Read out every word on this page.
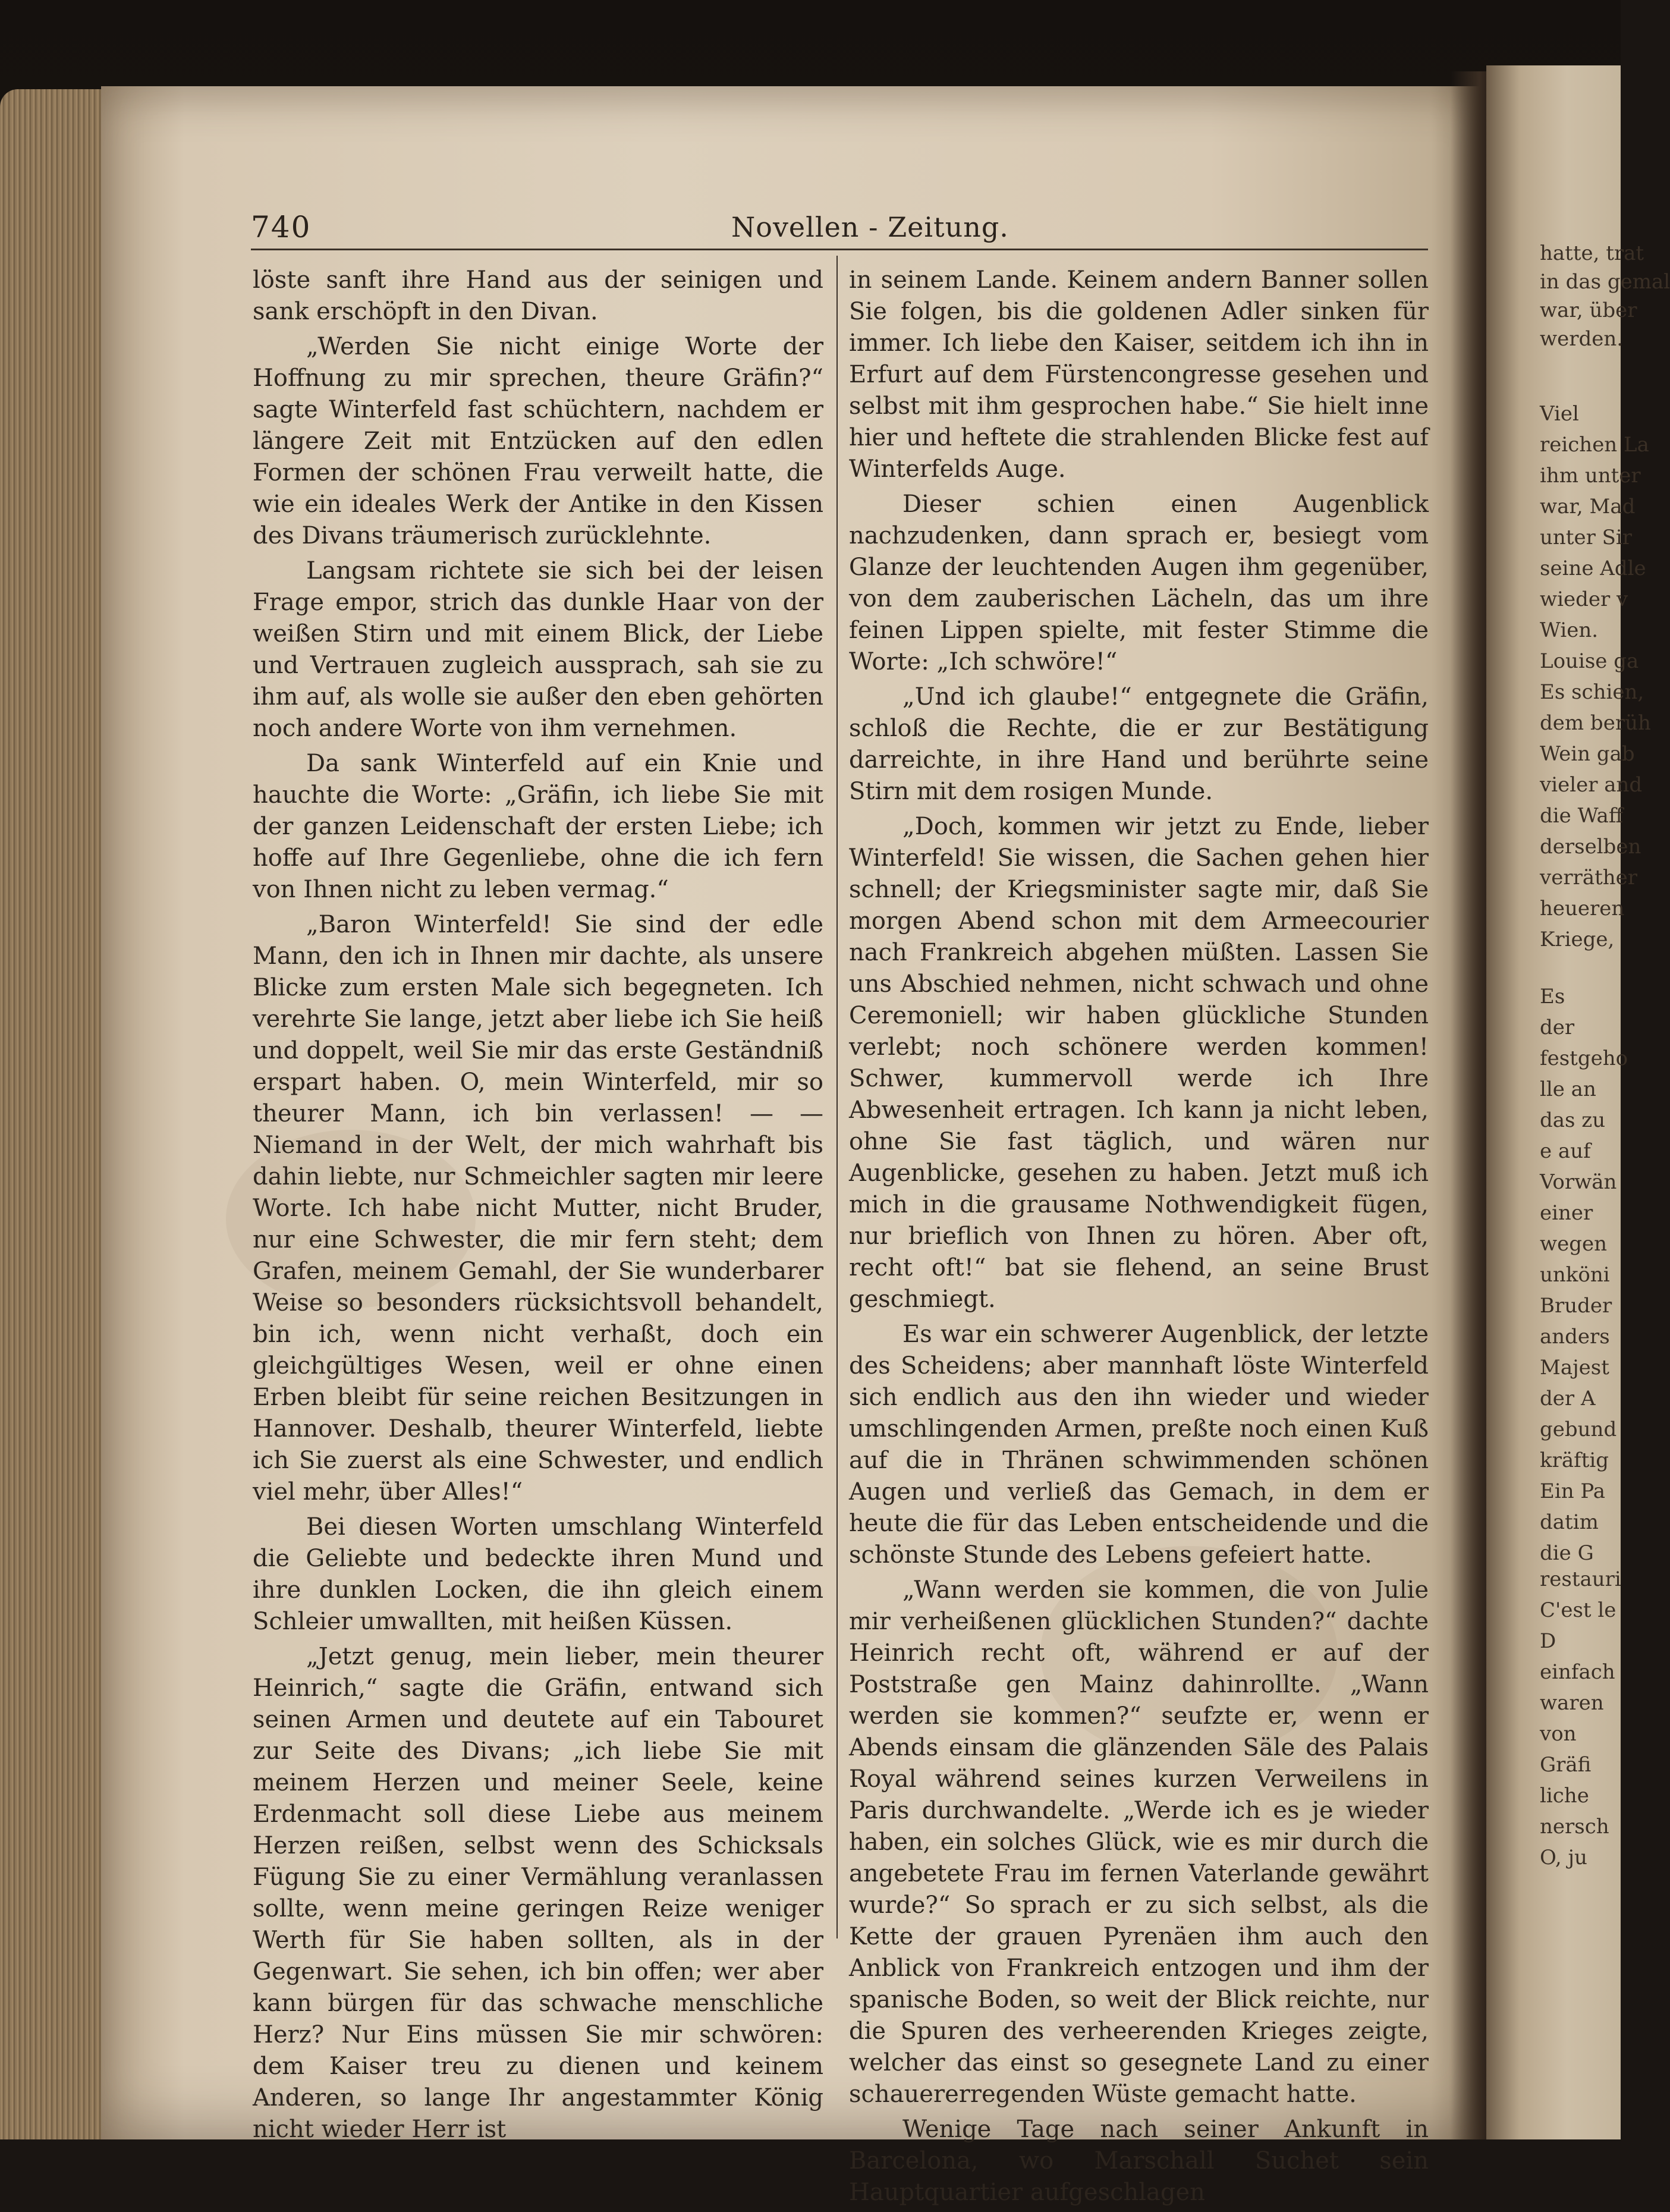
740	Novellen - Zeitung.

löste sanft ihre Hand aus der seinigen und sank erschöpft in den Divan.

„Werden Sie nicht einige Worte der Hoffnung zu mir sprechen, theure Gräfin?“ sagte Winterfeld fast schüchtern, nachdem er längere Zeit mit Entzücken auf den edlen Formen der schönen Frau verweilt hatte, die wie ein ideales Werk der Antike in den Kissen des Divans träumerisch zurücklehnte.

Langsam richtete sie sich bei der leisen Frage empor, strich das dunkle Haar von der weißen Stirn und mit einem Blick, der Liebe und Vertrauen zugleich aussprach, sah sie zu ihm auf, als wolle sie außer den eben gehörten noch andere Worte von ihm vernehmen.

Da sank Winterfeld auf ein Knie und hauchte die Worte: „Gräfin, ich liebe Sie mit der ganzen Leidenschaft der ersten Liebe; ich hoffe auf Ihre Gegenliebe, ohne die ich fern von Ihnen nicht zu leben vermag.“

„Baron Winterfeld! Sie sind der edle Mann, den ich in Ihnen mir dachte, als unsere Blicke zum ersten Male sich begegneten. Ich verehrte Sie lange, jetzt aber liebe ich Sie heiß und doppelt, weil Sie mir das erste Geständniß erspart haben. O, mein Winterfeld, mir so theurer Mann, ich bin verlassen! — — Niemand in der Welt, der mich wahrhaft bis dahin liebte, nur Schmeichler sagten mir leere Worte. Ich habe nicht Mutter, nicht Bruder, nur eine Schwester, die mir fern steht; dem Grafen, meinem Gemahl, der Sie wunderbarer Weise so besonders rücksichtsvoll behandelt, bin ich, wenn nicht verhaßt, doch ein gleichgültiges Wesen, weil er ohne einen Erben bleibt für seine reichen Besitzungen in Hannover. Deshalb, theurer Winterfeld, liebte ich Sie zuerst als eine Schwester, und endlich viel mehr, über Alles!“

Bei diesen Worten umschlang Winterfeld die Geliebte und bedeckte ihren Mund und ihre dunklen Locken, die ihn gleich einem Schleier umwallten, mit heißen Küssen.

„Jetzt genug, mein lieber, mein theurer Heinrich,“ sagte die Gräfin, entwand sich seinen Armen und deutete auf ein Tabouret zur Seite des Divans; „ich liebe Sie mit meinem Herzen und meiner Seele, keine Erdenmacht soll diese Liebe aus meinem Herzen reißen, selbst wenn des Schicksals Fügung Sie zu einer Vermählung veranlassen sollte, wenn meine geringen Reize weniger Werth für Sie haben sollten, als in der Gegenwart. Sie sehen, ich bin offen; wer aber kann bürgen für das schwache menschliche Herz? Nur Eins müssen Sie mir schwören: dem Kaiser treu zu dienen und keinem Anderen, so lange Ihr angestammter König nicht wieder Herr ist

in seinem Lande. Keinem andern Banner sollen Sie folgen, bis die goldenen Adler sinken für immer. Ich liebe den Kaiser, seitdem ich ihn in Erfurt auf dem Fürstencongresse gesehen und selbst mit ihm gesprochen habe.“ Sie hielt inne hier und heftete die strahlenden Blicke fest auf Winterfelds Auge.

Dieser schien einen Augenblick nachzudenken, dann sprach er, besiegt vom Glanze der leuchtenden Augen ihm gegenüber, von dem zauberischen Lächeln, das um ihre feinen Lippen spielte, mit fester Stimme die Worte: „Ich schwöre!“

„Und ich glaube!“ entgegnete die Gräfin, schloß die Rechte, die er zur Bestätigung darreichte, in ihre Hand und berührte seine Stirn mit dem rosigen Munde.

„Doch, kommen wir jetzt zu Ende, lieber Winterfeld! Sie wissen, die Sachen gehen hier schnell; der Kriegsminister sagte mir, daß Sie morgen Abend schon mit dem Armeecourier nach Frankreich abgehen müßten. Lassen Sie uns Abschied nehmen, nicht schwach und ohne Ceremoniell; wir haben glückliche Stunden verlebt; noch schönere werden kommen! Schwer, kummervoll werde ich Ihre Abwesenheit ertragen. Ich kann ja nicht leben, ohne Sie fast täglich, und wären nur Augenblicke, gesehen zu haben. Jetzt muß ich mich in die grausame Nothwendigkeit fügen, nur brieflich von Ihnen zu hören. Aber oft, recht oft!“ bat sie flehend, an seine Brust geschmiegt.

Es war ein schwerer Augenblick, der letzte des Scheidens; aber mannhaft löste Winterfeld sich endlich aus den ihn wieder und wieder umschlingenden Armen, preßte noch einen Kuß auf die in Thränen schwimmenden schönen Augen und verließ das Gemach, in dem er heute die für das Leben entscheidende und die schönste Stunde des Lebens gefeiert hatte.

„Wann werden sie kommen, die von Julie mir verheißenen glücklichen Stunden?“ dachte Heinrich recht oft, während er auf der Poststraße gen Mainz dahinrollte. „Wann werden sie kommen?“ seufzte er, wenn er Abends einsam die glänzenden Säle des Palais Royal während seines kurzen Verweilens in Paris durchwandelte. „Werde ich es je wieder haben, ein solches Glück, wie es mir durch die angebetete Frau im fernen Vaterlande gewährt wurde?“ So sprach er zu sich selbst, als die Kette der grauen Pyrenäen ihm auch den Anblick von Frankreich entzogen und ihm der spanische Boden, so weit der Blick reichte, nur die Spuren des verheerenden Krieges zeigte, welcher das einst so gesegnete Land zu einer schauererregenden Wüste gemacht hatte.

Wenige Tage nach seiner Ankunft in Barcelona, wo Marschall Suchet sein Hauptquartier aufgeschlagen

hatte, trat
in das gemal
war, über
werden.
Viel
reichen La
ihm unter
war, Mad
unter Sir
seine Adle
wieder v
Wien.
Louise ga
Es schien,
dem berüh
Wein gab
vieler and
die Waff
derselben
verräther
heueren
Kriege,
Es
der
festgeho
lle an
das zu
e auf
Vorwän
einer
wegen
unköni
Bruder
anders
Majest
der A
gebund
kräftig
Ein Pa
datim
die G
restauri
C'est le
D
einfach
waren
von
Gräfi
liche
nersch
O, ju
